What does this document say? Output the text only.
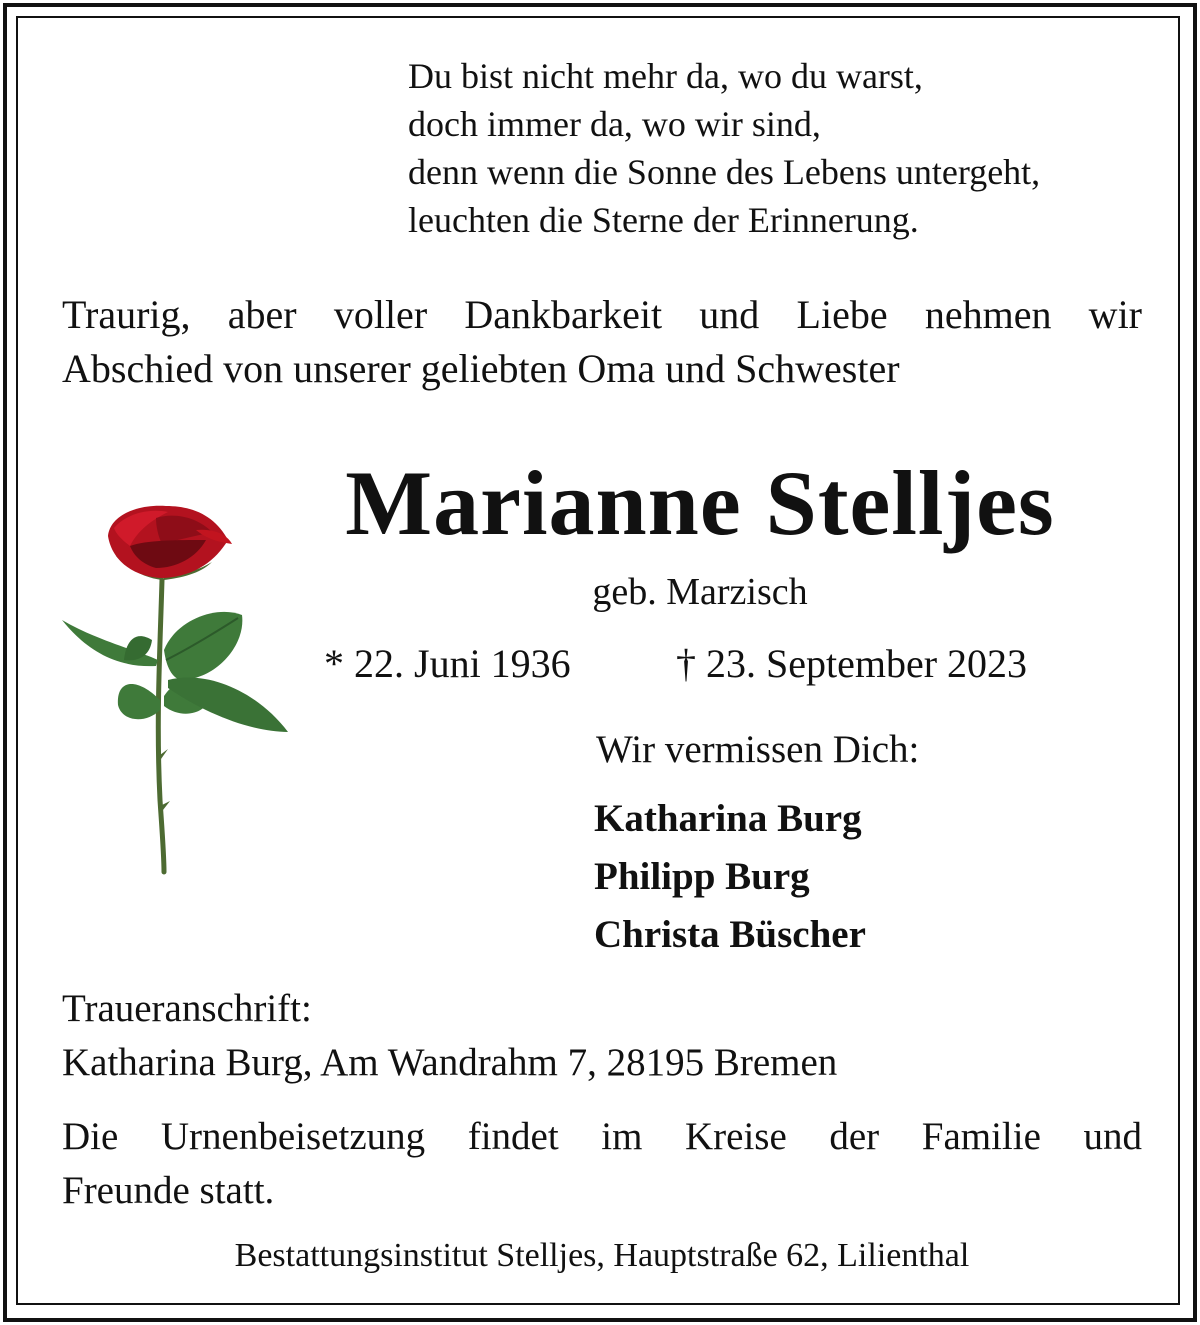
Du bist nicht mehr da, wo du warst,
doch immer da, wo wir sind,
denn wenn die Sonne des Lebens untergeht,
leuchten die Sterne der Erinnerung.
Traurig, aber voller Dankbarkeit und Liebe nehmen wir
Abschied von unserer geliebten Oma und Schwester
Marianne Stelljes
geb. Marzisch
* 22. Juni 1936	† 23. September 2023
Wir vermissen Dich:
Katharina Burg
Philipp Burg
Christa Büscher
Traueranschrift:
Katharina Burg, Am Wandrahm 7, 28195 Bremen
Die Urnenbeisetzung findet im Kreise der Familie und
Freunde statt.
Bestattungsinstitut Stelljes, Hauptstraße 62, Lilienthal
